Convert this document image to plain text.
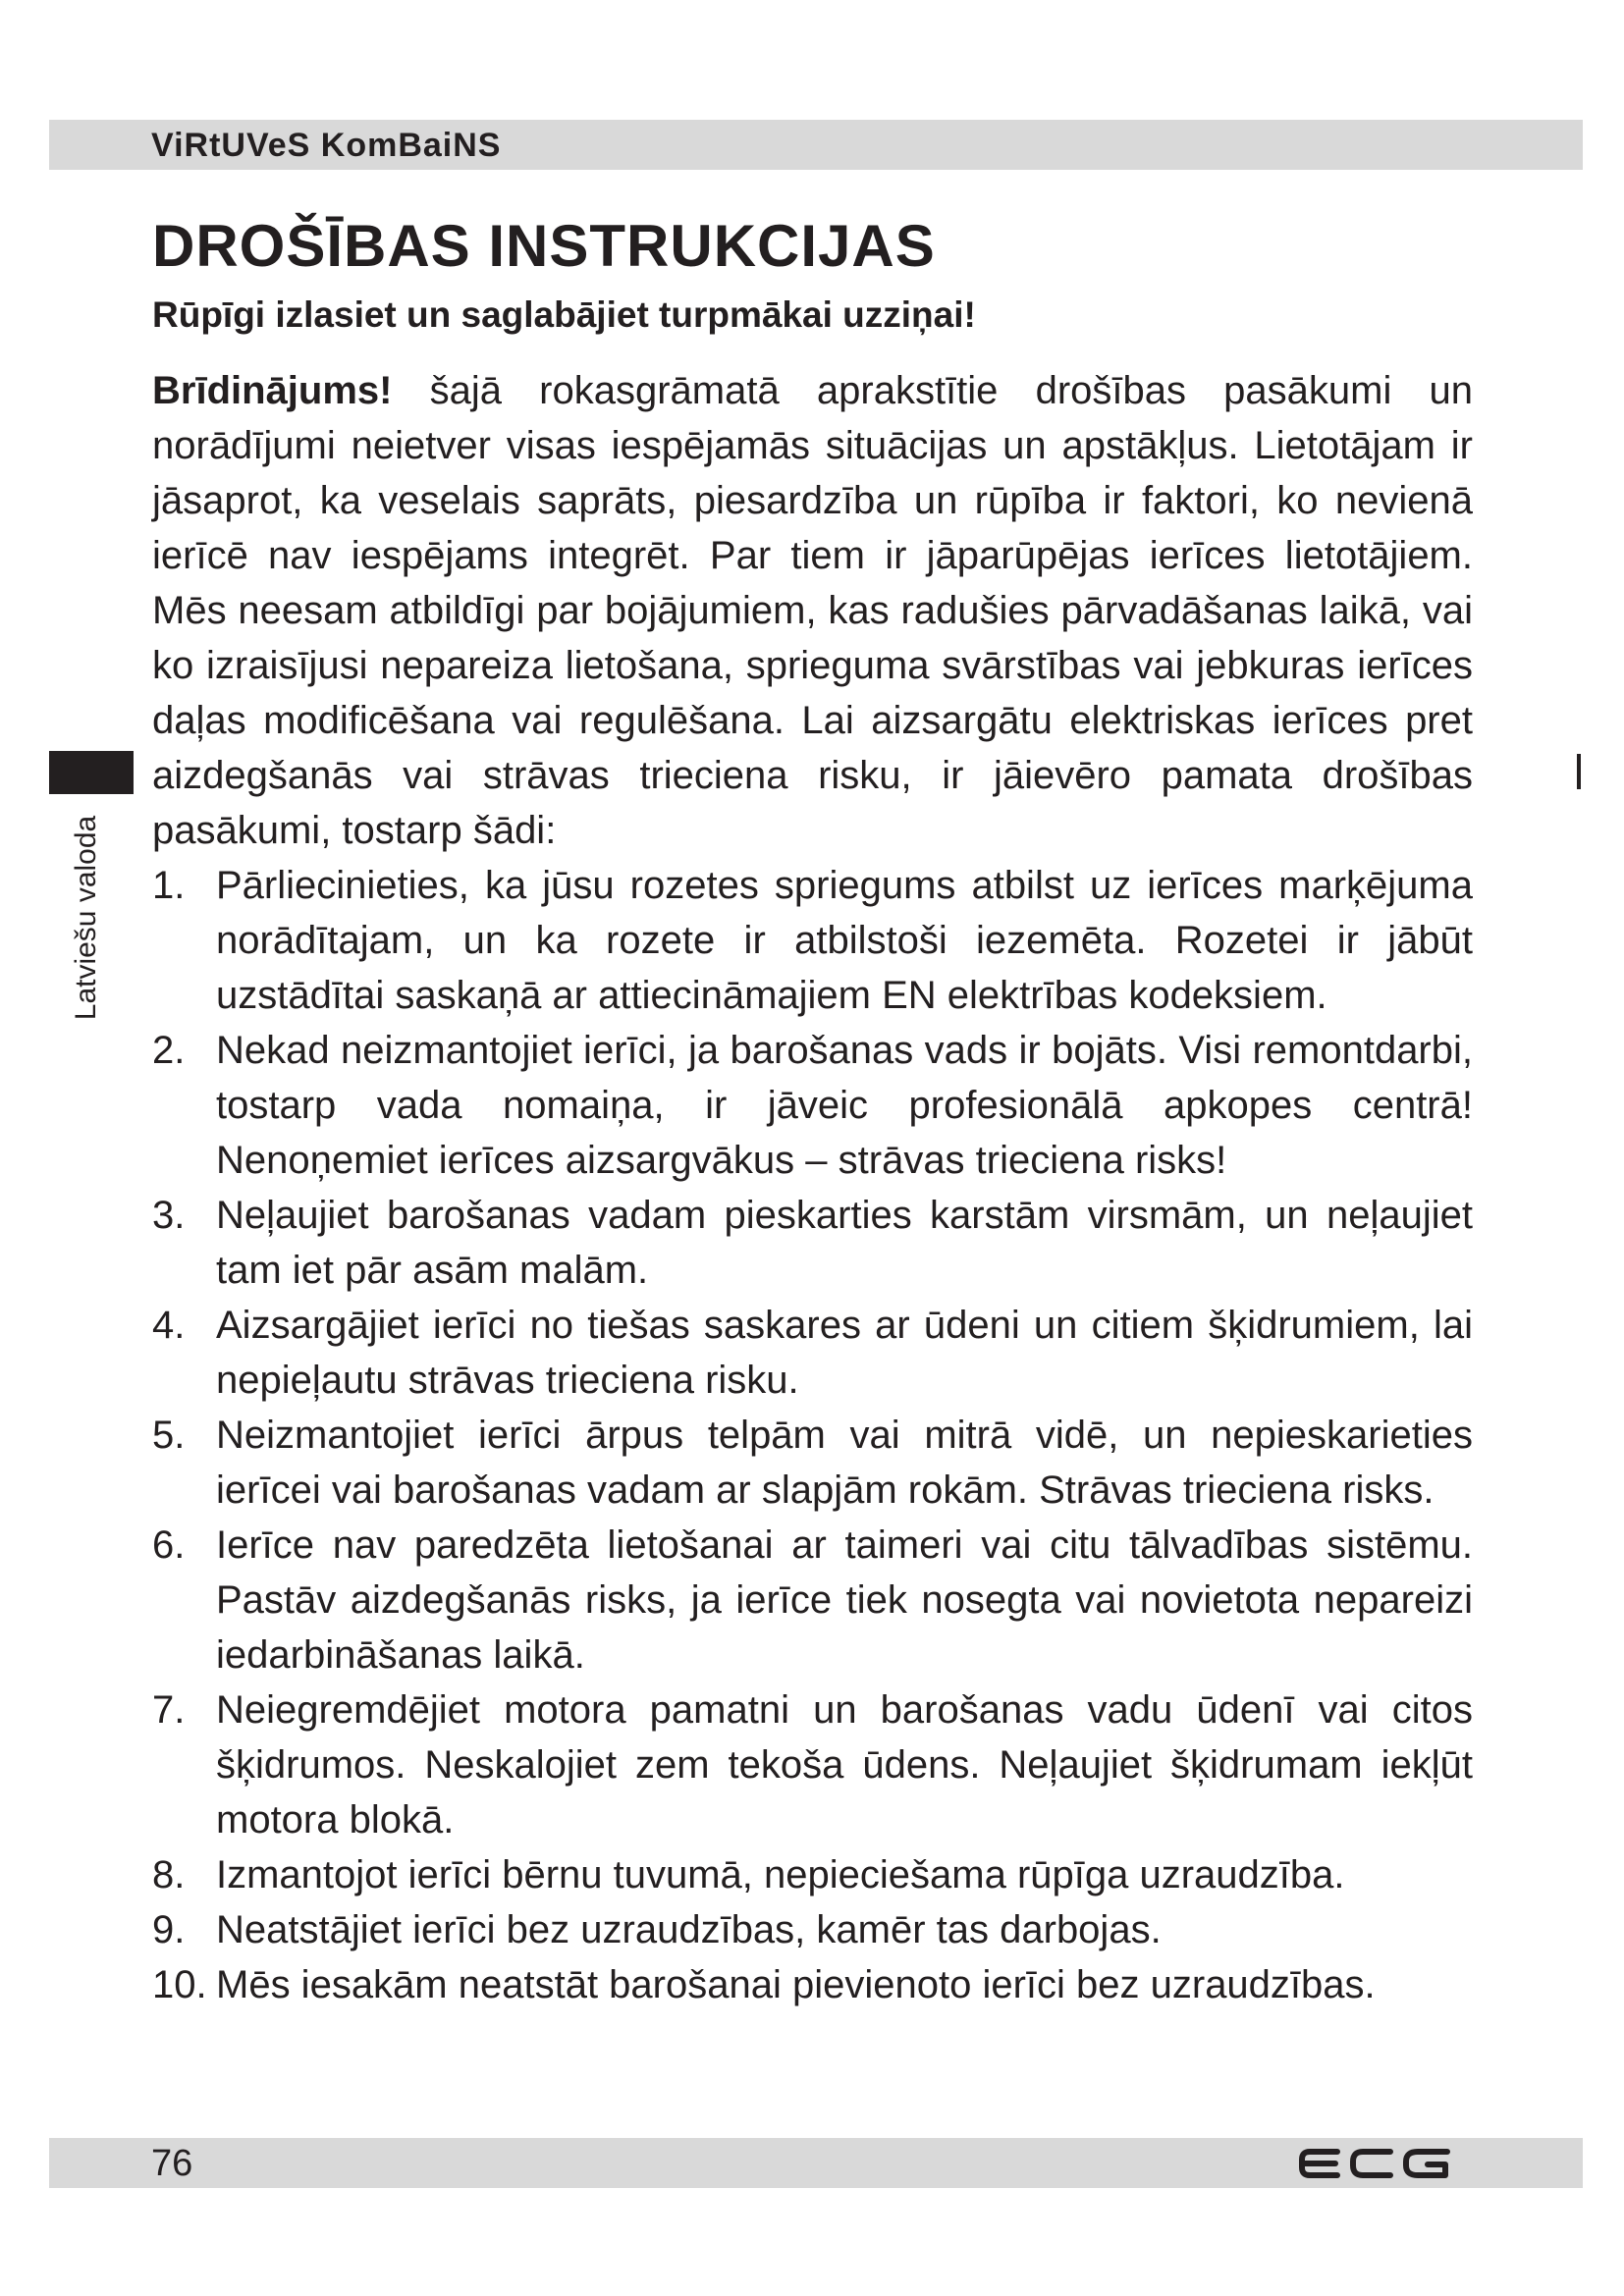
ViRtUVeS KomBaiNS
DROŠĪBAS INSTRUKCIJAS
Rūpīgi izlasiet un saglabājiet turpmākai uzziņai!

Brīdinājums! šajā rokasgrāmatā aprakstītie drošības pasākumi un norādījumi neietver visas iespējamās situācijas un apstākļus. Lietotājam ir jāsaprot, ka veselais saprāts, piesardzība un rūpība ir faktori, ko nevienā ierīcē nav iespējams integrēt. Par tiem ir jāparūpējas ierīces lietotājiem. Mēs neesam atbildīgi par bojājumiem, kas radušies pārvadāšanas laikā, vai ko izraisījusi nepareiza lietošana, sprieguma svārstības vai jebkuras ierīces daļas modificēšana vai regulēšana. Lai aizsargātu elektriskas ierīces pret aizdegšanās vai strāvas trieciena risku, ir jāievēro pamata drošības pasākumi, tostarp šādi:

1. Pārliecinieties, ka jūsu rozetes spriegums atbilst uz ierīces marķējuma norādītajam, un ka rozete ir atbilstoši iezemēta. Rozetei ir jābūt uzstādītai saskaņā ar attiecināmajiem EN elektrības kodeksiem.
2. Nekad neizmantojiet ierīci, ja barošanas vads ir bojāts. Visi remontdarbi, tostarp vada nomaiņa, ir jāveic profesionālā apkopes centrā! Nenoņemiet ierīces aizsargvākus – strāvas trieciena risks!
3. Neļaujiet barošanas vadam pieskarties karstām virsmām, un neļaujiet tam iet pār asām malām.
4. Aizsargājiet ierīci no tiešas saskares ar ūdeni un citiem šķidrumiem, lai nepieļautu strāvas trieciena risku.
5. Neizmantojiet ierīci ārpus telpām vai mitrā vidē, un nepieskarieties ierīcei vai barošanas vadam ar slapjām rokām. Strāvas trieciena risks.
6. Ierīce nav paredzēta lietošanai ar taimeri vai citu tālvadības sistēmu. Pastāv aizdegšanās risks, ja ierīce tiek nosegta vai novietota nepareizi iedarbināšanas laikā.
7. Neiegremdējiet motora pamatni un barošanas vadu ūdenī vai citos šķidrumos. Neskalojiet zem tekoša ūdens. Neļaujiet šķidrumam iekļūt motora blokā.
8. Izmantojot ierīci bērnu tuvumā, nepieciešama rūpīga uzraudzība.
9. Neatstājiet ierīci bez uzraudzības, kamēr tas darbojas.
10. Mēs iesakām neatstāt barošanai pievienoto ierīci bez uzraudzības.
Latviešu valoda
76
